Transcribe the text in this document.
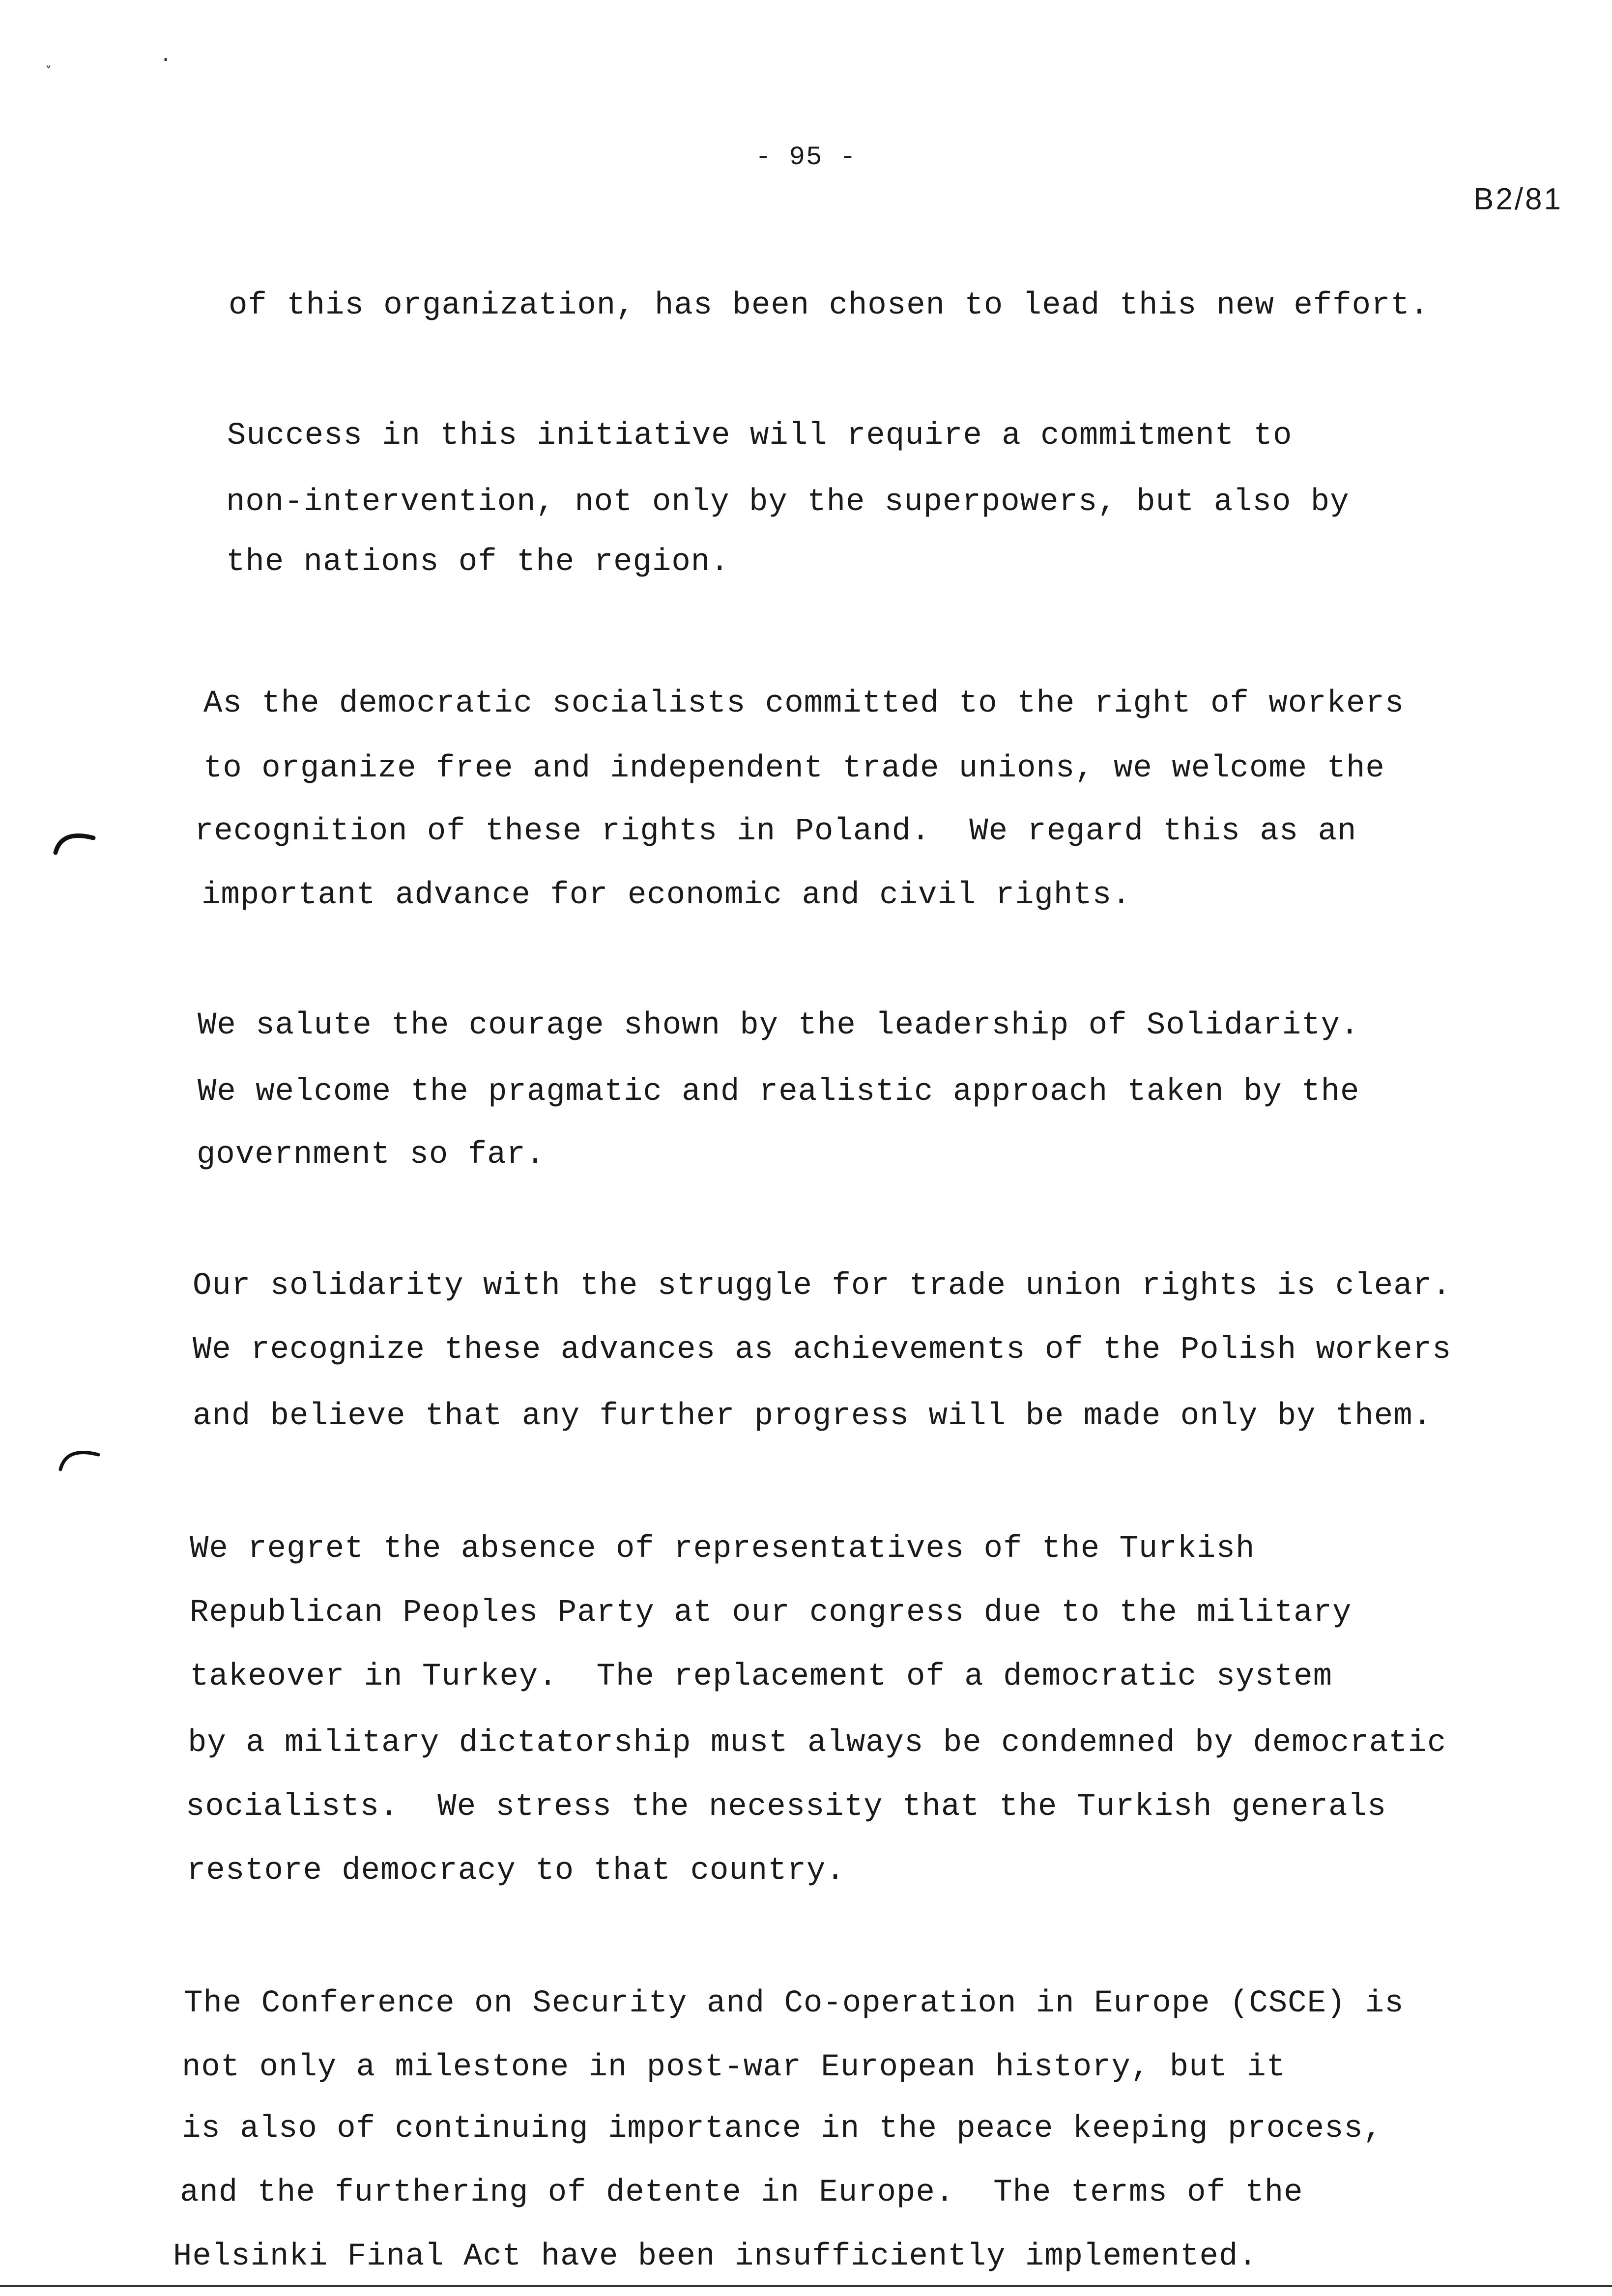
- 95 -
B2/81
˯	·
of this organization, has been chosen to lead this new effort.
Success in this initiative will require a commitment to
non-intervention, not only by the superpowers, but also by
the nations of the region.
As the democratic socialists committed to the right of workers
to organize free and independent trade unions, we welcome the
recognition of these rights in Poland.  We regard this as an
important advance for economic and civil rights.
We salute the courage shown by the leadership of Solidarity.
We welcome the pragmatic and realistic approach taken by the
government so far.
Our solidarity with the struggle for trade union rights is clear.
We recognize these advances as achievements of the Polish workers
and believe that any further progress will be made only by them.
We regret the absence of representatives of the Turkish
Republican Peoples Party at our congress due to the military
takeover in Turkey.  The replacement of a democratic system
by a military dictatorship must always be condemned by democratic
socialists.  We stress the necessity that the Turkish generals
restore democracy to that country.
The Conference on Security and Co-operation in Europe (CSCE) is
not only a milestone in post-war European history, but it
is also of continuing importance in the peace keeping process,
and the furthering of detente in Europe.  The terms of the
Helsinki Final Act have been insufficiently implemented.
